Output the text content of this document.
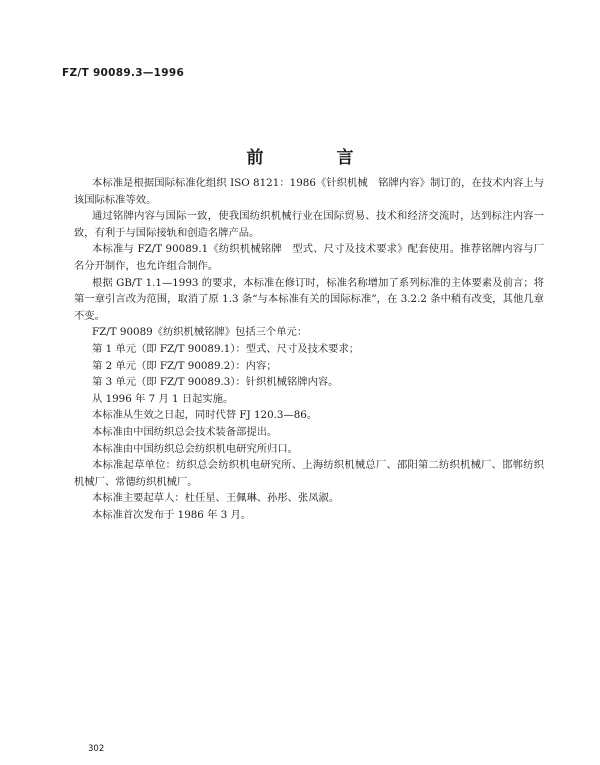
FZ/T 90089.3—1996
前　言

本标准是根据国际标准化组织 ISO 8121：1986《针织机械　铭牌内容》制订的，在技术内容上与该国际标准等效。

通过铭牌内容与国际一致，使我国纺织机械行业在国际贸易、技术和经济交流时，达到标注内容一致，有利于与国际接轨和创造名牌产品。

本标准与 FZ/T 90089.1《纺织机械铭牌　型式、尺寸及技术要求》配套使用。推荐铭牌内容与厂名分开制作，也允许组合制作。

根据 GB/T 1.1—1993 的要求，本标准在修订时，标准名称增加了系列标准的主体要素及前言；将第一章引言改为范围，取消了原 1.3 条“与本标准有关的国际标准”，在 3.2.2 条中稍有改变，其他几章不变。

FZ/T 90089《纺织机械铭牌》包括三个单元：

第 1 单元（即 FZ/T 90089.1）：型式、尺寸及技术要求；

第 2 单元（即 FZ/T 90089.2）：内容；

第 3 单元（即 FZ/T 90089.3）：针织机械铭牌内容。

从 1996 年 7 月 1 日起实施。

本标准从生效之日起，同时代替 FJ 120.3—86。

本标准由中国纺织总会技术装备部提出。

本标准由中国纺织总会纺织机电研究所归口。

本标准起草单位：纺织总会纺织机电研究所、上海纺织机械总厂、邵阳第二纺织机械厂、邯郸纺织机械厂、常德纺织机械厂。

本标准主要起草人：杜任星、王佩琳、孙彤、张凤淑。

本标准首次发布于 1986 年 3 月。

302
